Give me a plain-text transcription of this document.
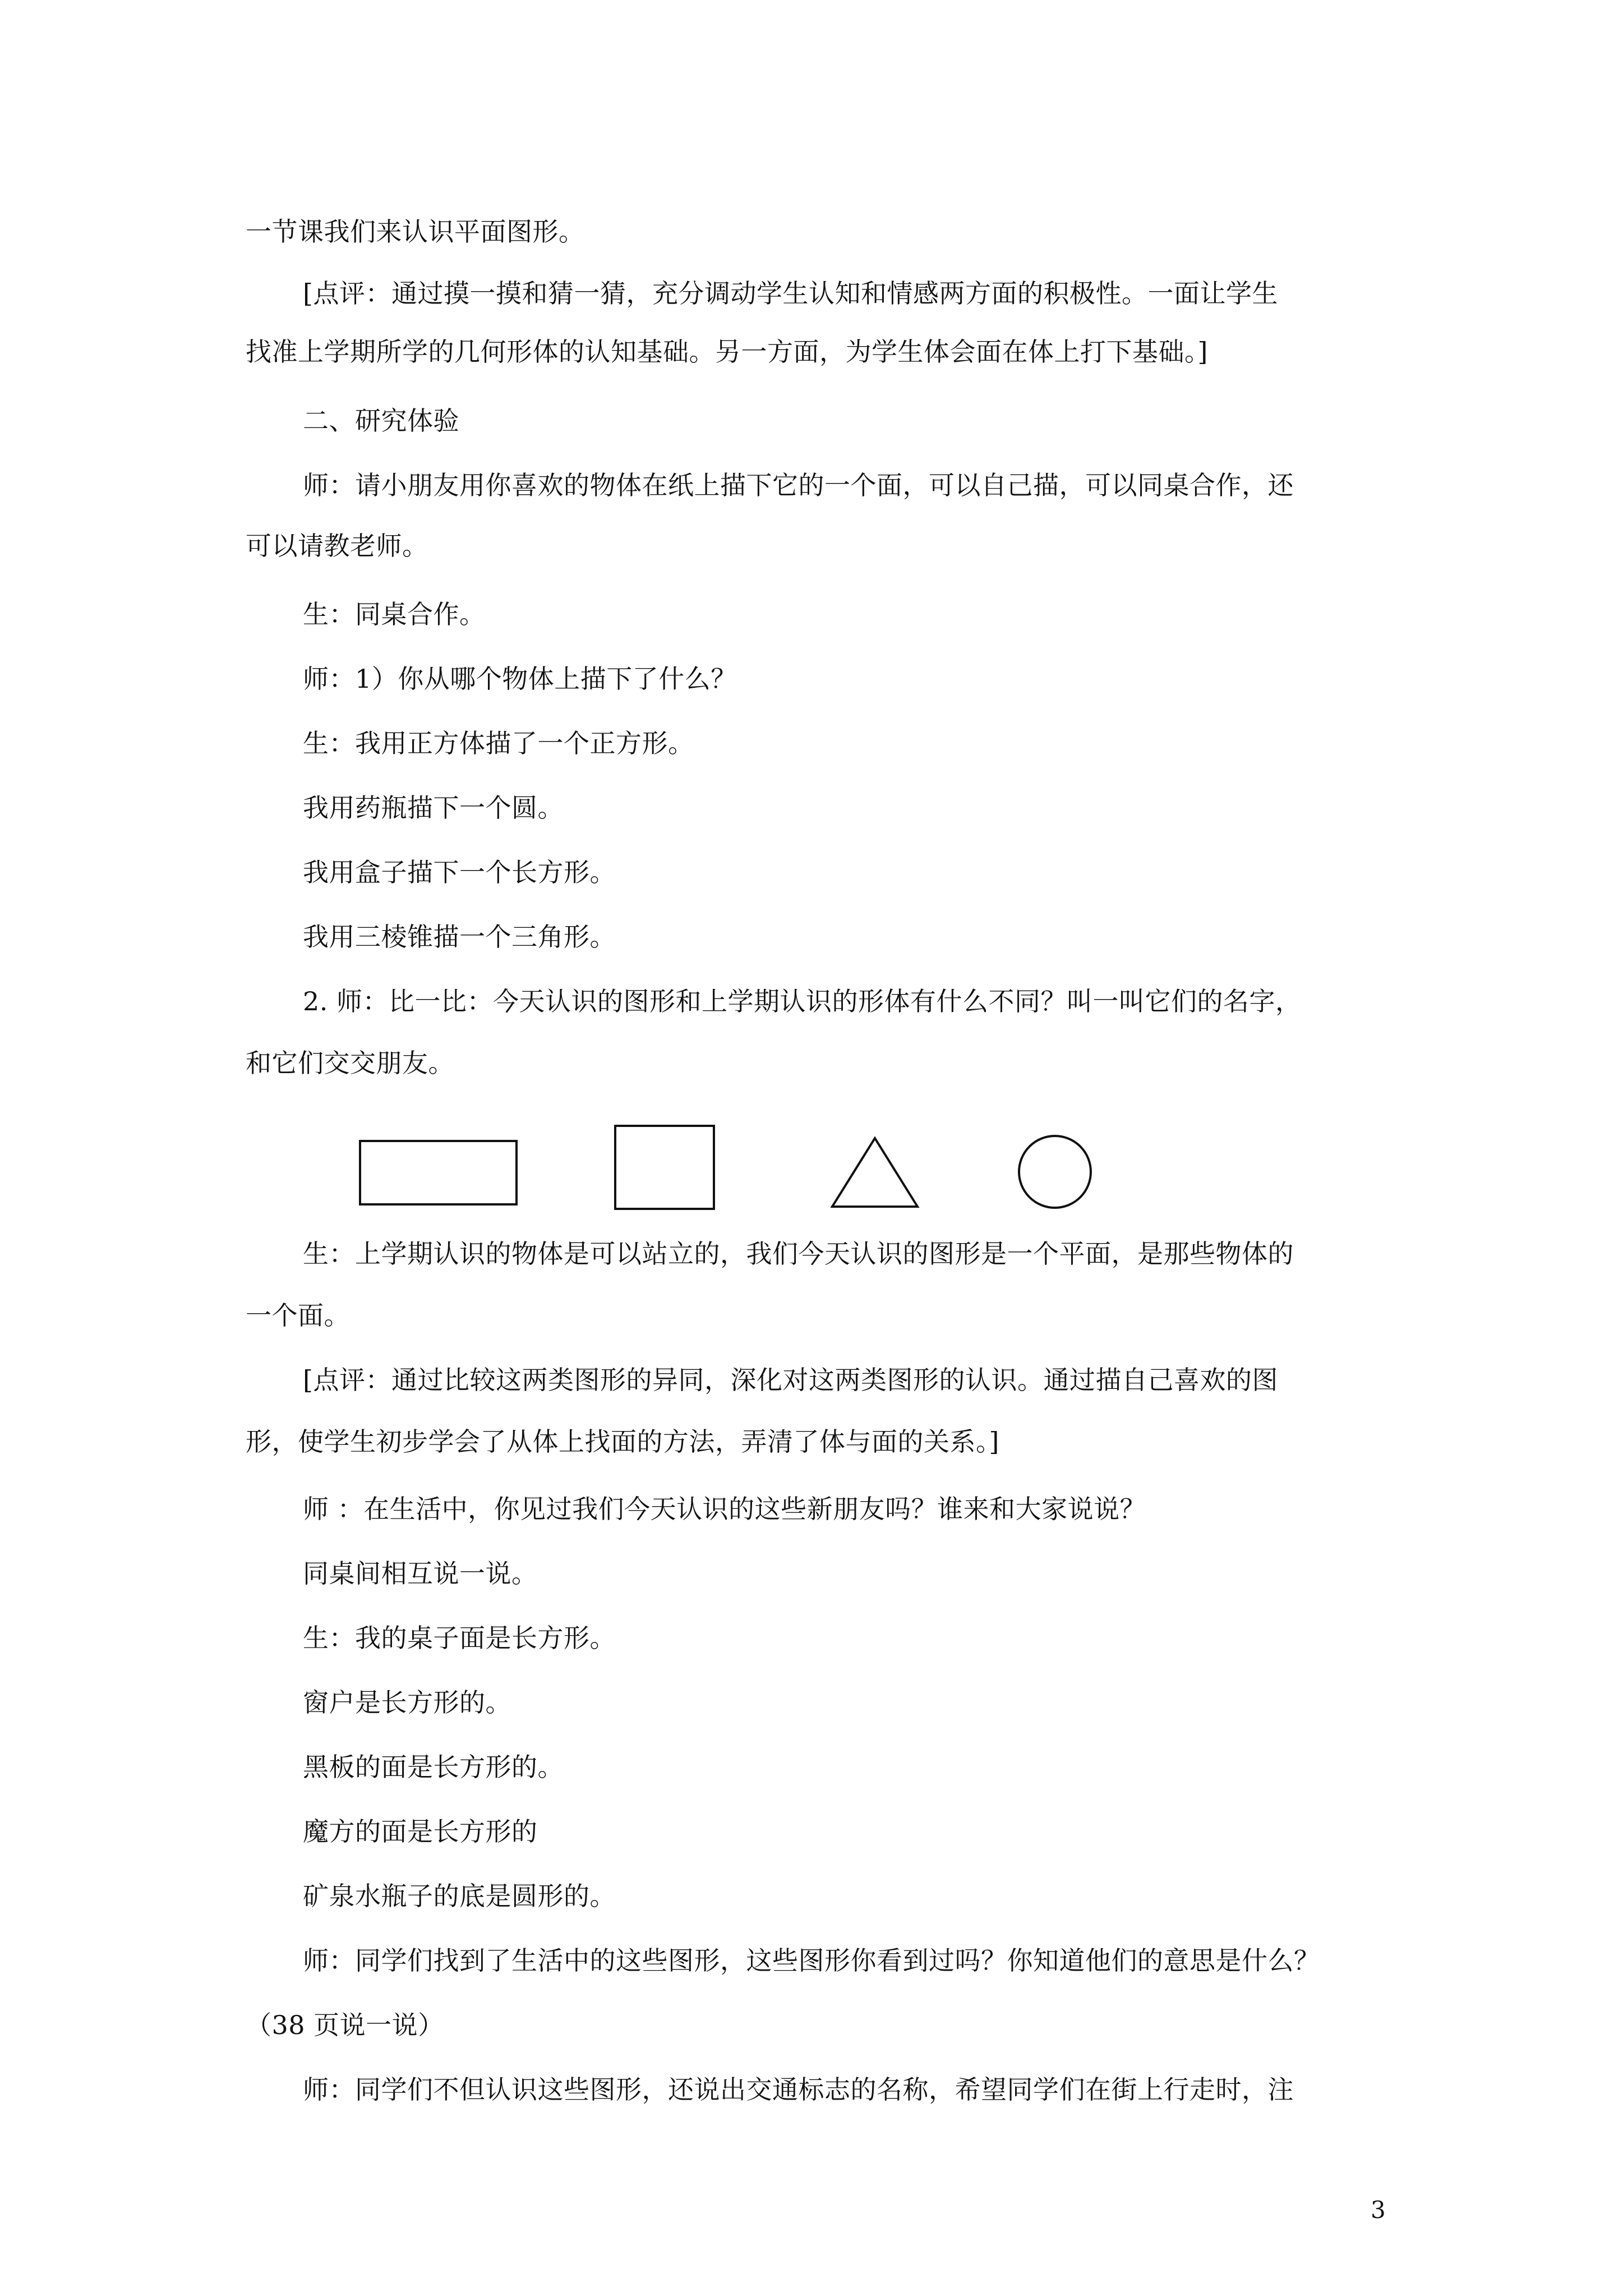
一节课我们来认识平面图形。
[点评：通过摸一摸和猜一猜，充分调动学生认知和情感两方面的积极性。一面让学生
找准上学期所学的几何形体的认知基础。另一方面，为学生体会面在体上打下基础。]
二、研究体验
师：请小朋友用你喜欢的物体在纸上描下它的一个面，可以自己描，可以同桌合作，还
可以请教老师。
生：同桌合作。
师：1）你从哪个物体上描下了什么？
生：我用正方体描了一个正方形。
我用药瓶描下一个圆。
我用盒子描下一个长方形。
我用三棱锥描一个三角形。
2. 师：比一比：今天认识的图形和上学期认识的形体有什么不同？叫一叫它们的名字，
和它们交交朋友。
生：上学期认识的物体是可以站立的，我们今天认识的图形是一个平面，是那些物体的
一个面。
[点评：通过比较这两类图形的异同，深化对这两类图形的认识。通过描自己喜欢的图
形，使学生初步学会了从体上找面的方法，弄清了体与面的关系。]
师 ：在生活中，你见过我们今天认识的这些新朋友吗？谁来和大家说说？
同桌间相互说一说。
生：我的桌子面是长方形。
窗户是长方形的。
黑板的面是长方形的。
魔方的面是长方形的
矿泉水瓶子的底是圆形的。
师：同学们找到了生活中的这些图形，这些图形你看到过吗？你知道他们的意思是什么？
（38 页说一说）
师：同学们不但认识这些图形，还说出交通标志的名称，希望同学们在街上行走时，注
3
